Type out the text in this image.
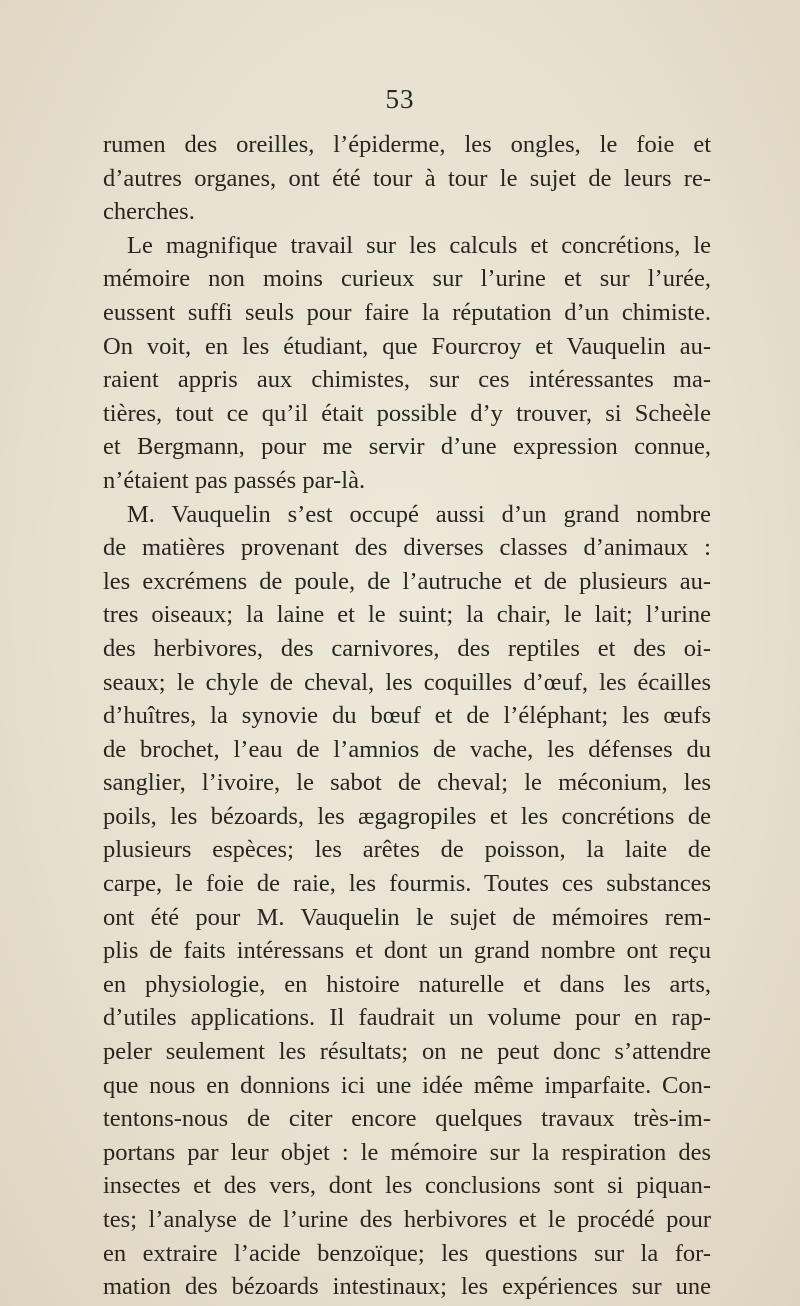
53
rumen des oreilles, l’épiderme, les ongles, le foie et
d’autres organes, ont été tour à tour le sujet de leurs re-
cherches.
Le magnifique travail sur les calculs et concrétions, le
mémoire non moins curieux sur l’urine et sur l’urée,
eussent suffi seuls pour faire la réputation d’un chimiste.
On voit, en les étudiant, que Fourcroy et Vauquelin au-
raient appris aux chimistes, sur ces intéressantes ma-
tières, tout ce qu’il était possible d’y trouver, si Scheèle
et Bergmann, pour me servir d’une expression connue,
n’étaient pas passés par-là.
M. Vauquelin s’est occupé aussi d’un grand nombre
de matières provenant des diverses classes d’animaux :
les excrémens de poule, de l’autruche et de plusieurs au-
tres oiseaux; la laine et le suint; la chair, le lait; l’urine
des herbivores, des carnivores, des reptiles et des oi-
seaux; le chyle de cheval, les coquilles d’œuf, les écailles
d’huîtres, la synovie du bœuf et de l’éléphant; les œufs
de brochet, l’eau de l’amnios de vache, les défenses du
sanglier, l’ivoire, le sabot de cheval; le méconium, les
poils, les bézoards, les ægagropiles et les concrétions de
plusieurs espèces; les arêtes de poisson, la laite de
carpe, le foie de raie, les fourmis. Toutes ces substances
ont été pour M. Vauquelin le sujet de mémoires rem-
plis de faits intéressans et dont un grand nombre ont reçu
en physiologie, en histoire naturelle et dans les arts,
d’utiles applications. Il faudrait un volume pour en rap-
peler seulement les résultats; on ne peut donc s’attendre
que nous en donnions ici une idée même imparfaite. Con-
tentons-nous de citer encore quelques travaux très-im-
portans par leur objet : le mémoire sur la respiration des
insectes et des vers, dont les conclusions sont si piquan-
tes; l’analyse de l’urine des herbivores et le procédé pour
en extraire l’acide benzoïque; les questions sur la for-
mation des bézoards intestinaux; les expériences sur une
